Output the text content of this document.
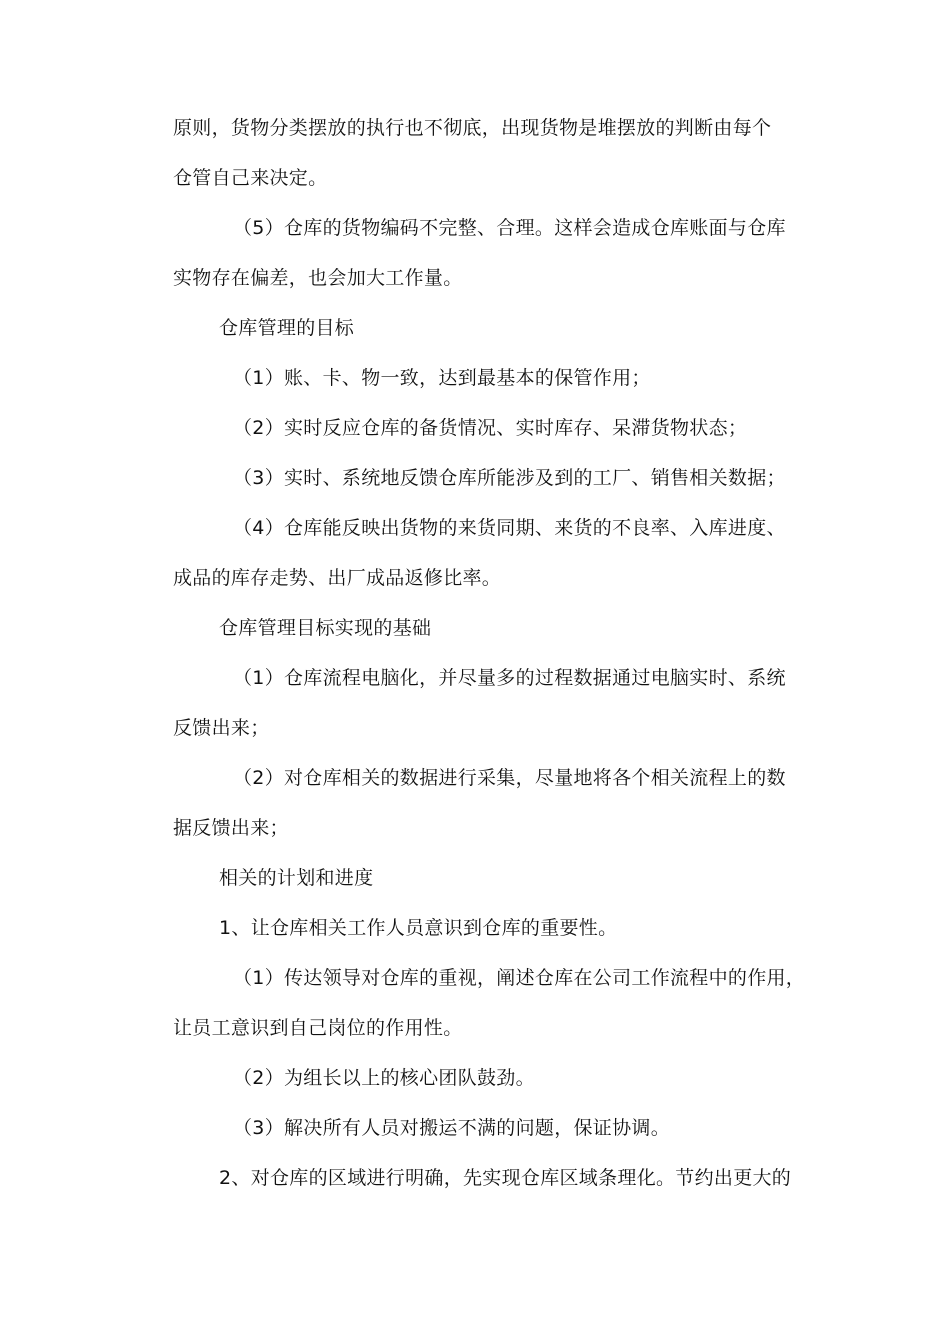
原则，货物分类摆放的执行也不彻底，出现货物是堆摆放的判断由每个
仓管自己来决定。
（5）仓库的货物编码不完整、合理。这样会造成仓库账面与仓库
实物存在偏差，也会加大工作量。
仓库管理的目标
（1）账、卡、物一致，达到最基本的保管作用；
（2）实时反应仓库的备货情况、实时库存、呆滞货物状态；
（3）实时、系统地反馈仓库所能涉及到的工厂、销售相关数据；
（4）仓库能反映出货物的来货同期、来货的不良率、入库进度、
成品的库存走势、出厂成品返修比率。
仓库管理目标实现的基础
（1）仓库流程电脑化，并尽量多的过程数据通过电脑实时、系统
反馈出来；
（2）对仓库相关的数据进行采集，尽量地将各个相关流程上的数
据反馈出来；
相关的计划和进度
1、让仓库相关工作人员意识到仓库的重要性。
（1）传达领导对仓库的重视，阐述仓库在公司工作流程中的作用，
让员工意识到自己岗位的作用性。
（2）为组长以上的核心团队鼓劲。
（3）解决所有人员对搬运不满的问题，保证协调。
2、对仓库的区域进行明确，先实现仓库区域条理化。节约出更大的
